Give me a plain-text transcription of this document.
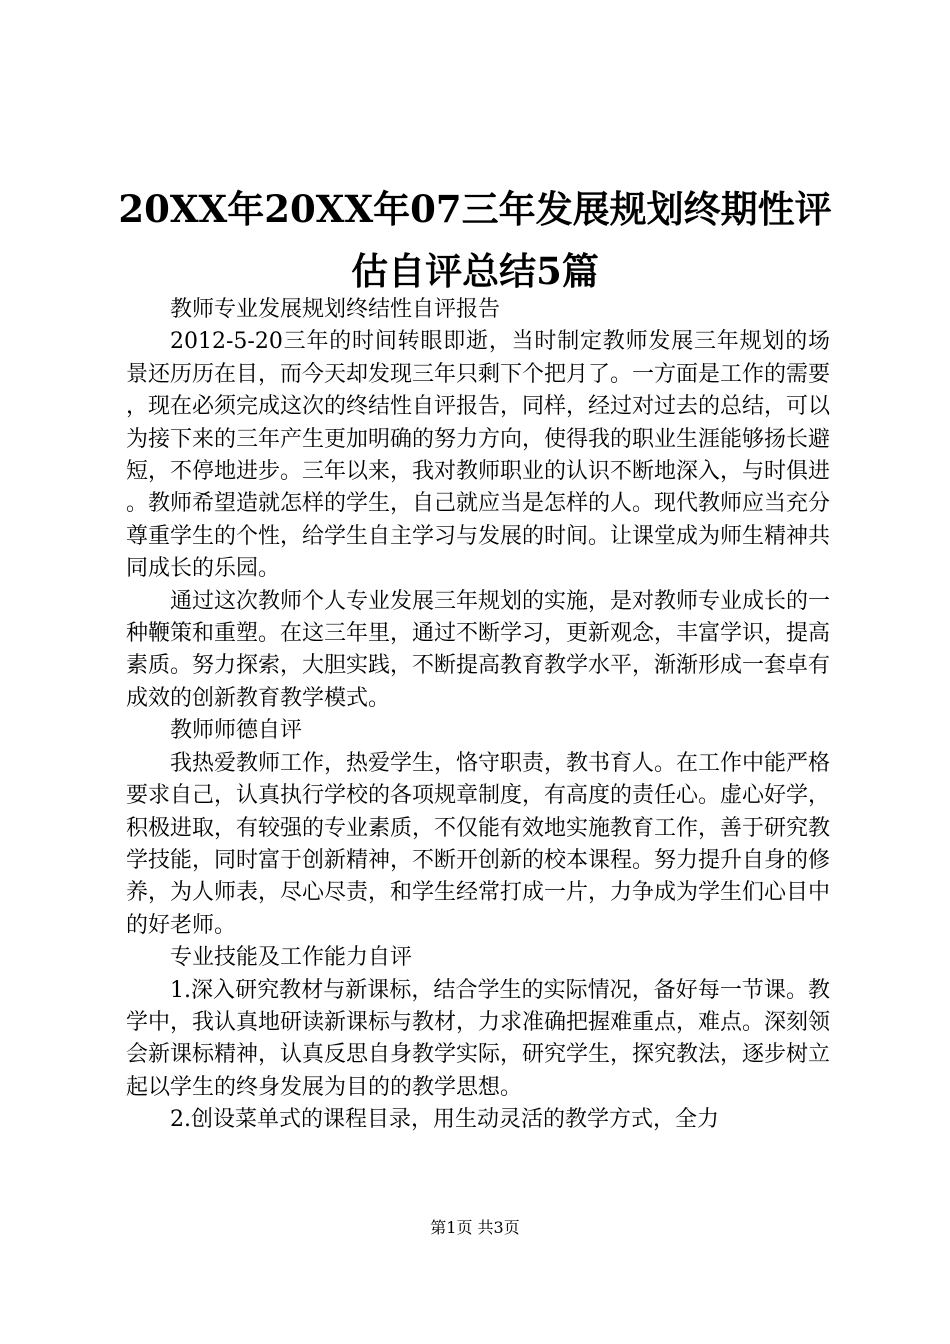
20XX年20XX年07三年发展规划终期性评估自评总结5篇

教师专业发展规划终结性自评报告

2012-5-20三年的时间转眼即逝，当时制定教师发展三年规划的场景还历历在目，而今天却发现三年只剩下个把月了。一方面是工作的需要，现在必须完成这次的终结性自评报告，同样，经过对过去的总结，可以为接下来的三年产生更加明确的努力方向，使得我的职业生涯能够扬长避短，不停地进步。三年以来，我对教师职业的认识不断地深入，与时俱进。教师希望造就怎样的学生，自己就应当是怎样的人。现代教师应当充分尊重学生的个性，给学生自主学习与发展的时间。让课堂成为师生精神共同成长的乐园。

通过这次教师个人专业发展三年规划的实施，是对教师专业成长的一种鞭策和重塑。在这三年里，通过不断学习，更新观念，丰富学识，提高素质。努力探索，大胆实践，不断提高教育教学水平，渐渐形成一套卓有成效的创新教育教学模式。

教师师德自评

我热爱教师工作，热爱学生，恪守职责，教书育人。在工作中能严格要求自己，认真执行学校的各项规章制度，有高度的责任心。虚心好学，积极进取，有较强的专业素质，不仅能有效地实施教育工作，善于研究教学技能，同时富于创新精神，不断开创新的校本课程。努力提升自身的修养，为人师表，尽心尽责，和学生经常打成一片，力争成为学生们心目中的好老师。

专业技能及工作能力自评

1.深入研究教材与新课标，结合学生的实际情况，备好每一节课。教学中，我认真地研读新课标与教材，力求准确把握难重点，难点。深刻领会新课标精神，认真反思自身教学实际，研究学生，探究教法，逐步树立起以学生的终身发展为目的的教学思想。

2.创设菜单式的课程目录，用生动灵活的教学方式，全力

第1页 共3页
